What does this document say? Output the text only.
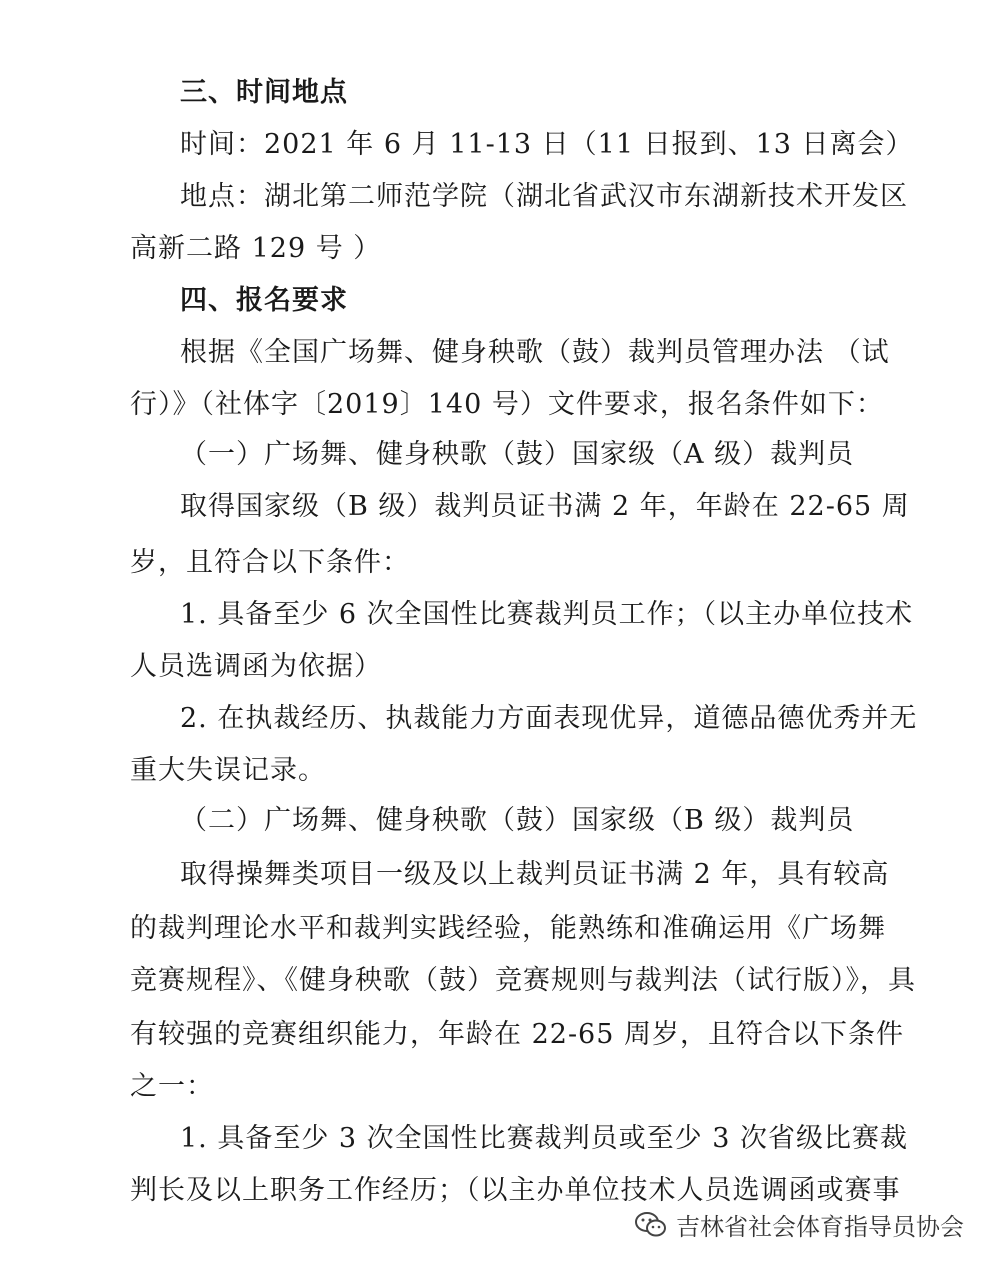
三、时间地点
时间：2021 年 6 月 11-13 日（11 日报到、13 日离会）
地点：湖北第二师范学院（湖北省武汉市东湖新技术开发区
高新二路 129 号 ）
四、报名要求
根据《全国广场舞、健身秧歌（鼓）裁判员管理办法 （试
行）》（社体字〔2019〕140 号）文件要求，报名条件如下：
（一）广场舞、健身秧歌（鼓）国家级（A 级）裁判员
取得国家级（B 级）裁判员证书满 2 年，年龄在 22-65 周
岁，且符合以下条件：
1. 具备至少 6 次全国性比赛裁判员工作；（以主办单位技术
人员选调函为依据）
2. 在执裁经历、执裁能力方面表现优异，道德品德优秀并无
重大失误记录。
（二）广场舞、健身秧歌（鼓）国家级（B 级）裁判员
取得操舞类项目一级及以上裁判员证书满 2 年，具有较高
的裁判理论水平和裁判实践经验，能熟练和准确运用《广场舞
竞赛规程》、《健身秧歌（鼓）竞赛规则与裁判法（试行版）》，具
有较强的竞赛组织能力，年龄在 22-65 周岁，且符合以下条件
之一：
1. 具备至少 3 次全国性比赛裁判员或至少 3 次省级比赛裁
判长及以上职务工作经历；（以主办单位技术人员选调函或赛事
吉林省社会体育指导员协会
